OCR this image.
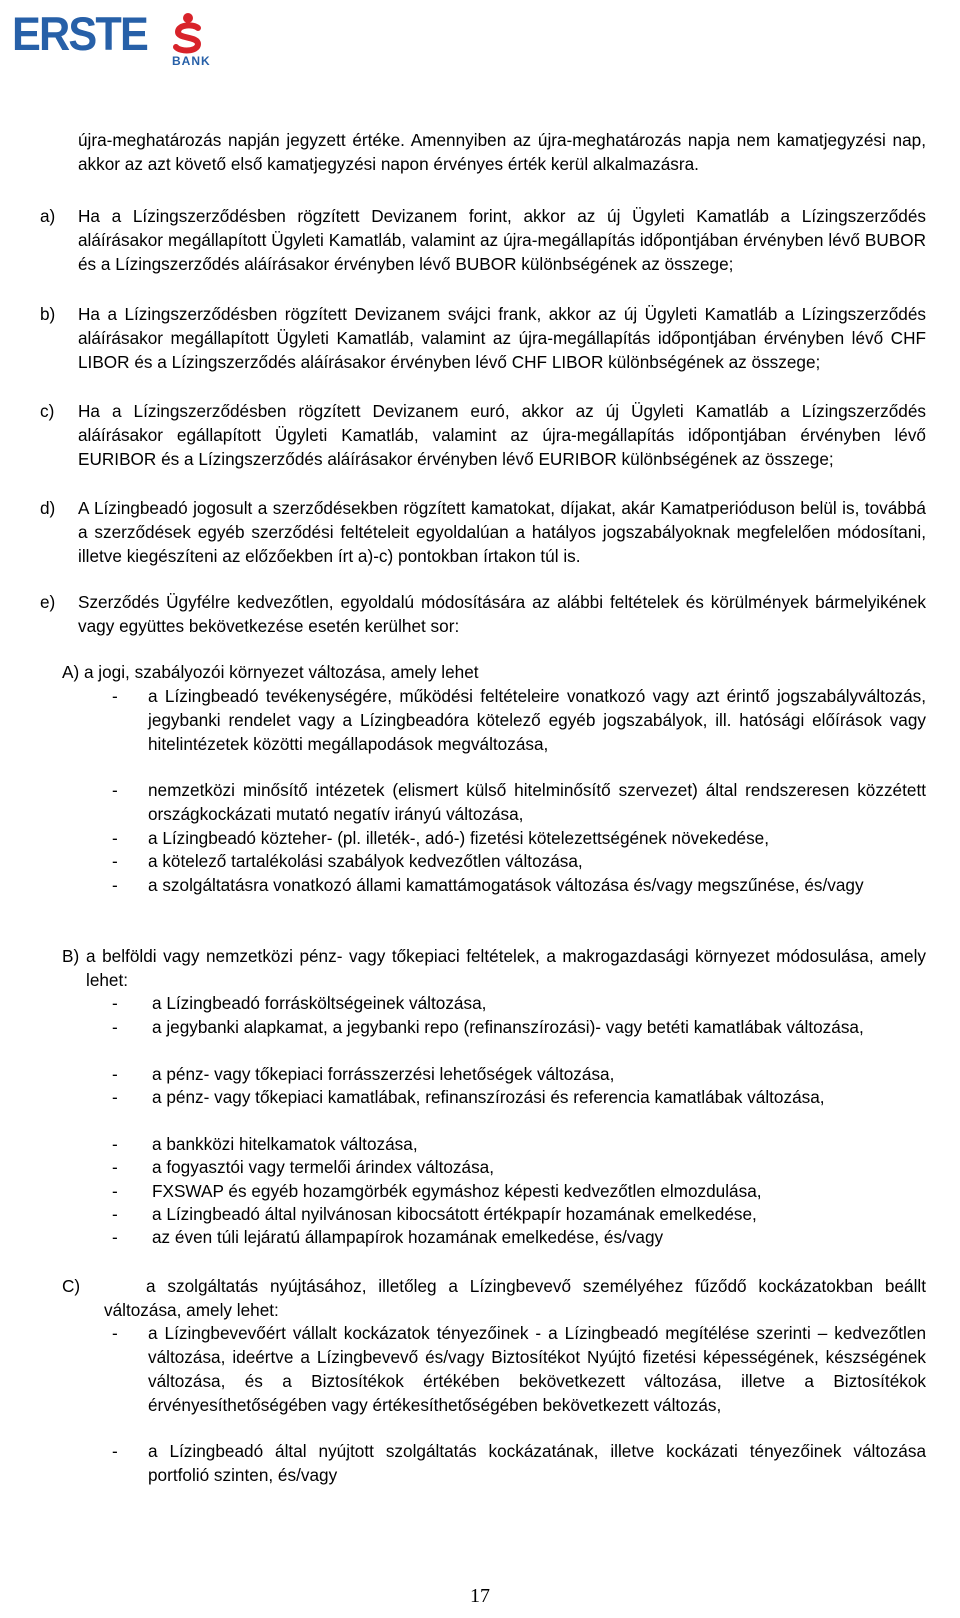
ERSTE
BANK
újra-meghatározás napján jegyzett értéke. Amennyiben az újra-meghatározás napja nem kamatjegyzési nap, akkor az azt követő első kamatjegyzési napon érvényes érték kerül alkalmazásra.
a) Ha a Lízingszerződésben rögzített Devizanem forint, akkor az új Ügyleti Kamatláb a Lízingszerződés aláírásakor megállapított Ügyleti Kamatláb, valamint az újra-megállapítás időpontjában érvényben lévő BUBOR és a Lízingszerződés aláírásakor érvényben lévő BUBOR különbségének az összege;
b) Ha a Lízingszerződésben rögzített Devizanem svájci frank, akkor az új Ügyleti Kamatláb a Lízingszerződés aláírásakor megállapított Ügyleti Kamatláb, valamint az újra-megállapítás időpontjában érvényben lévő CHF LIBOR és a Lízingszerződés aláírásakor érvényben lévő CHF LIBOR különbségének az összege;
c) Ha a Lízingszerződésben rögzített Devizanem euró, akkor az új Ügyleti Kamatláb a Lízingszerződés aláírásakor egállapított Ügyleti Kamatláb, valamint az újra-megállapítás időpontjában érvényben lévő EURIBOR és a Lízingszerződés aláírásakor érvényben lévő EURIBOR különbségének az összege;
d) A Lízingbeadó jogosult a szerződésekben rögzített kamatokat, díjakat, akár Kamatperióduson belül is, továbbá a szerződések egyéb szerződési feltételeit egyoldalúan a hatályos jogszabályoknak megfelelően módosítani, illetve kiegészíteni az előzőekben írt a)-c) pontokban írtakon túl is.
e) Szerződés Ügyfélre kedvezőtlen, egyoldalú módosítására az alábbi feltételek és körülmények bármelyikének vagy együttes bekövetkezése esetén kerülhet sor:
A) a jogi, szabályozói környezet változása, amely lehet
- a Lízingbeadó tevékenységére, működési feltételeire vonatkozó vagy azt érintő jogszabályváltozás, jegybanki rendelet vagy a Lízingbeadóra kötelező egyéb jogszabályok, ill. hatósági előírások vagy hitelintézetek közötti megállapodások megváltozása,
- nemzetközi minősítő intézetek (elismert külső hitelminősítő szervezet) által rendszeresen közzétett országkockázati mutató negatív irányú változása,
- a Lízingbeadó közteher- (pl. illeték-, adó-) fizetési kötelezettségének növekedése,
- a kötelező tartalékolási szabályok kedvezőtlen változása,
- a szolgáltatásra vonatkozó állami kamattámogatások változása és/vagy megszűnése, és/vagy
B) a belföldi vagy nemzetközi pénz- vagy tőkepiaci feltételek, a makrogazdasági környezet módosulása, amely lehet:
- a Lízingbeadó forrásköltségeinek változása,
- a jegybanki alapkamat, a jegybanki repo (refinanszírozási)- vagy betéti kamatlábak változása,
- a pénz- vagy tőkepiaci forrásszerzési lehetőségek változása,
- a pénz- vagy tőkepiaci kamatlábak, refinanszírozási és referencia kamatlábak változása,
- a bankközi hitelkamatok változása,
- a fogyasztói vagy termelői árindex változása,
- FXSWAP és egyéb hozamgörbék egymáshoz képesti kedvezőtlen elmozdulása,
- a Lízingbeadó által nyilvánosan kibocsátott értékpapír hozamának emelkedése,
- az éven túli lejáratú állampapírok hozamának emelkedése, és/vagy
C)	a szolgáltatás nyújtásához, illetőleg a Lízingbevevő személyéhez fűződő kockázatokban beállt változása, amely lehet:
- a Lízingbevevőért vállalt kockázatok tényezőinek - a Lízingbeadó megítélése szerinti – kedvezőtlen változása, ideértve a Lízingbevevő és/vagy Biztosítékot Nyújtó fizetési képességének, készségének változása, és a Biztosítékok értékében bekövetkezett változása, illetve a Biztosítékok érvényesíthetőségében vagy értékesíthetőségében bekövetkezett változás,
- a Lízingbeadó által nyújtott szolgáltatás kockázatának, illetve kockázati tényezőinek változása portfolió szinten, és/vagy
17
